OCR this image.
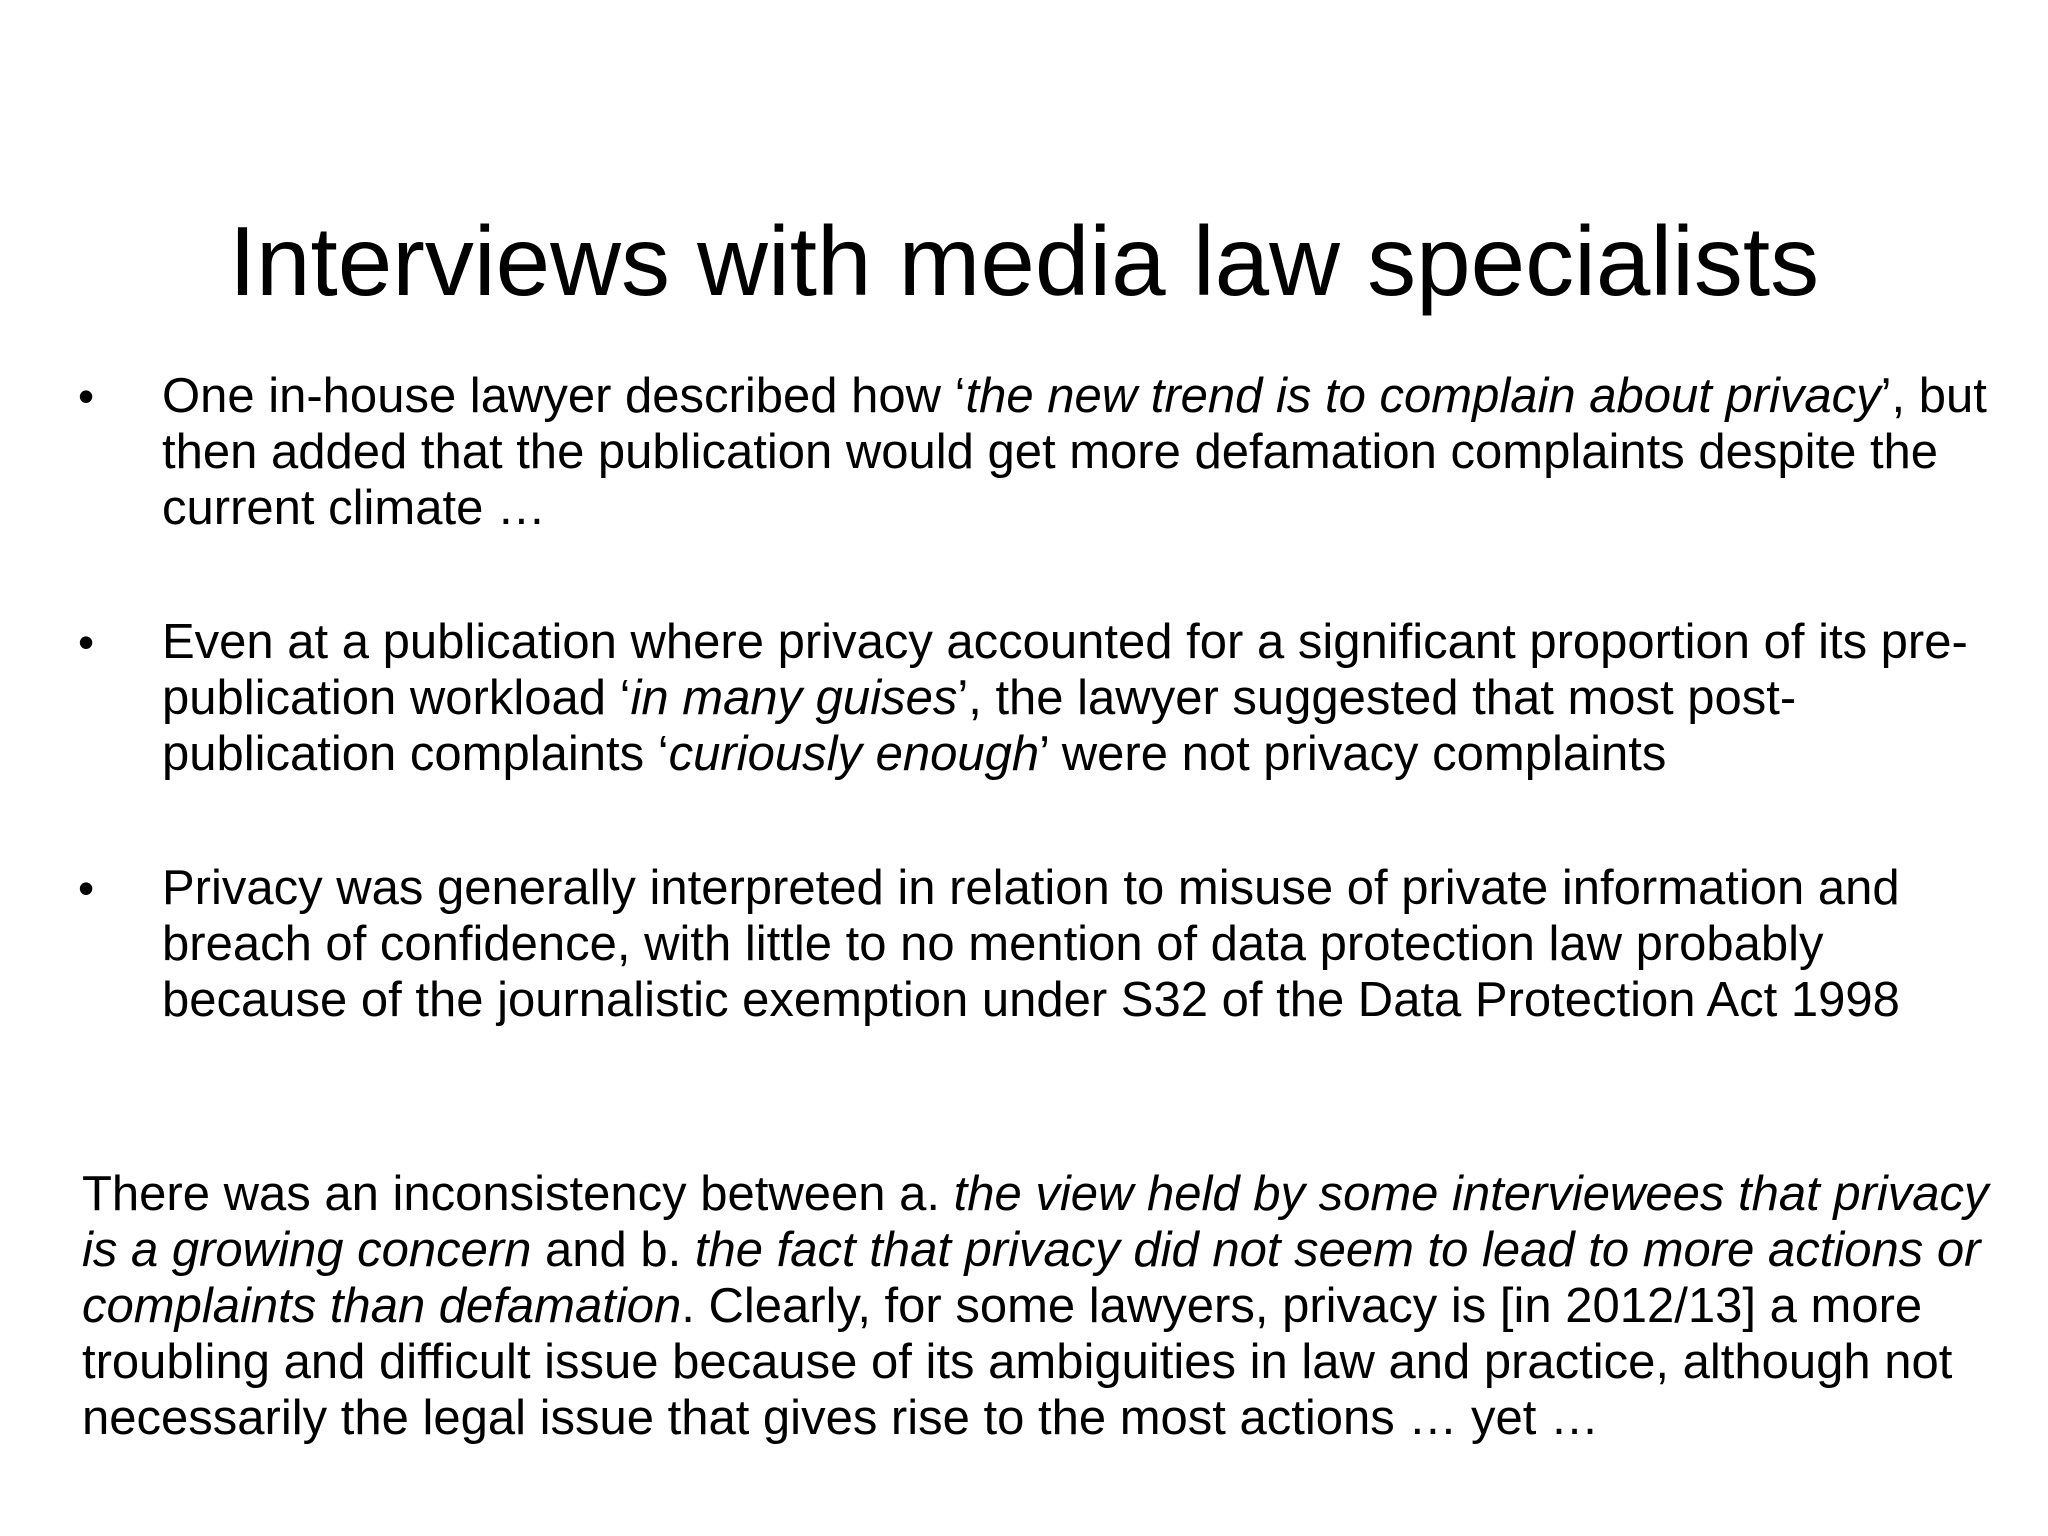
Interviews with media law specialists
•	One in-house lawyer described how ‘the new trend is to complain about privacy’, but then added that the publication would get more defamation complaints despite the current climate …
•	Even at a publication where privacy accounted for a significant proportion of its pre-publication workload ‘in many guises’, the lawyer suggested that most post-publication complaints ‘curiously enough’ were not privacy complaints
•	Privacy was generally interpreted in relation to misuse of private information and breach of confidence, with little to no mention of data protection law probably because of the journalistic exemption under S32 of the Data Protection Act 1998

There was an inconsistency between a. the view held by some interviewees that privacy is a growing concern and b. the fact that privacy did not seem to lead to more actions or complaints than defamation. Clearly, for some lawyers, privacy is [in 2012/13] a more troubling and difficult issue because of its ambiguities in law and practice, although not necessarily the legal issue that gives rise to the most actions … yet …
